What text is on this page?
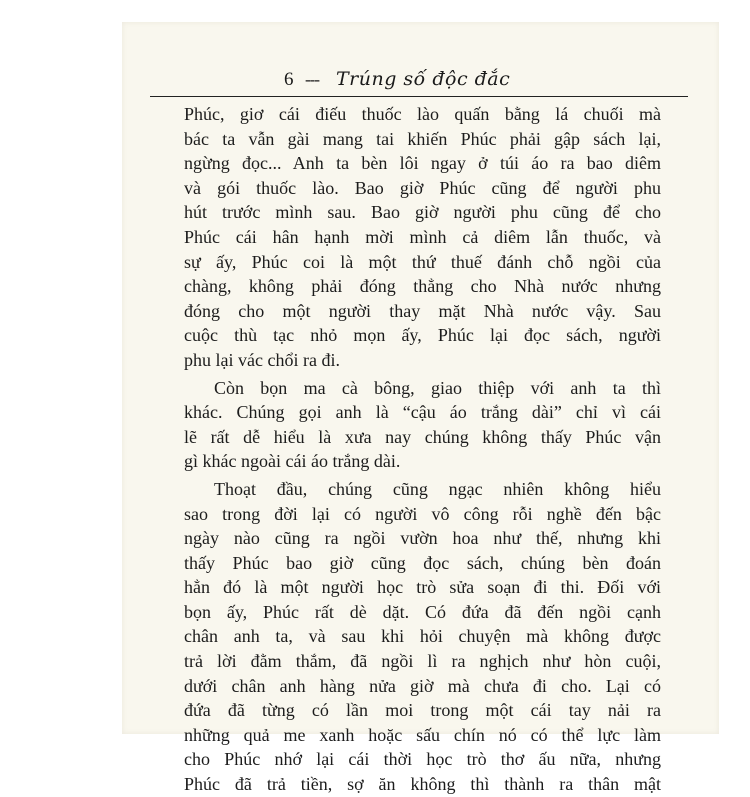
6 --- Trúng số độc đắc

Phúc, giơ cái điếu thuốc lào quấn bằng lá chuối mà
bác ta vẫn gài mang tai khiến Phúc phải gập sách lại,
ngừng đọc... Anh ta bèn lôi ngay ở túi áo ra bao diêm
và gói thuốc lào. Bao giờ Phúc cũng để người phu
hút trước mình sau. Bao giờ người phu cũng để cho
Phúc cái hân hạnh mời mình cả diêm lẫn thuốc, và
sự ấy, Phúc coi là một thứ thuế đánh chỗ ngồi của
chàng, không phải đóng thẳng cho Nhà nước nhưng
đóng cho một người thay mặt Nhà nước vậy. Sau
cuộc thù tạc nhỏ mọn ấy, Phúc lại đọc sách, người
phu lại vác chổi ra đi.

Còn bọn ma cà bông, giao thiệp với anh ta thì
khác. Chúng gọi anh là “cậu áo trắng dài” chỉ vì cái
lẽ rất dễ hiểu là xưa nay chúng không thấy Phúc vận
gì khác ngoài cái áo trắng dài.

Thoạt đầu, chúng cũng ngạc nhiên không hiểu
sao trong đời lại có người vô công rỗi nghề đến bậc
ngày nào cũng ra ngồi vườn hoa như thế, nhưng khi
thấy Phúc bao giờ cũng đọc sách, chúng bèn đoán
hẳn đó là một người học trò sửa soạn đi thi. Đối với
bọn ấy, Phúc rất dè dặt. Có đứa đã đến ngồi cạnh
chân anh ta, và sau khi hỏi chuyện mà không được
trả lời đằm thắm, đã ngồi lì ra nghịch như hòn cuội,
dưới chân anh hàng nửa giờ mà chưa đi cho. Lại có
đứa đã từng có lần moi trong một cái tay nải ra
những quả me xanh hoặc sấu chín nó có thể lực làm
cho Phúc nhớ lại cái thời học trò thơ ấu nữa, nhưng
Phúc đã trả tiền, sợ ăn không thì thành ra thân mật
